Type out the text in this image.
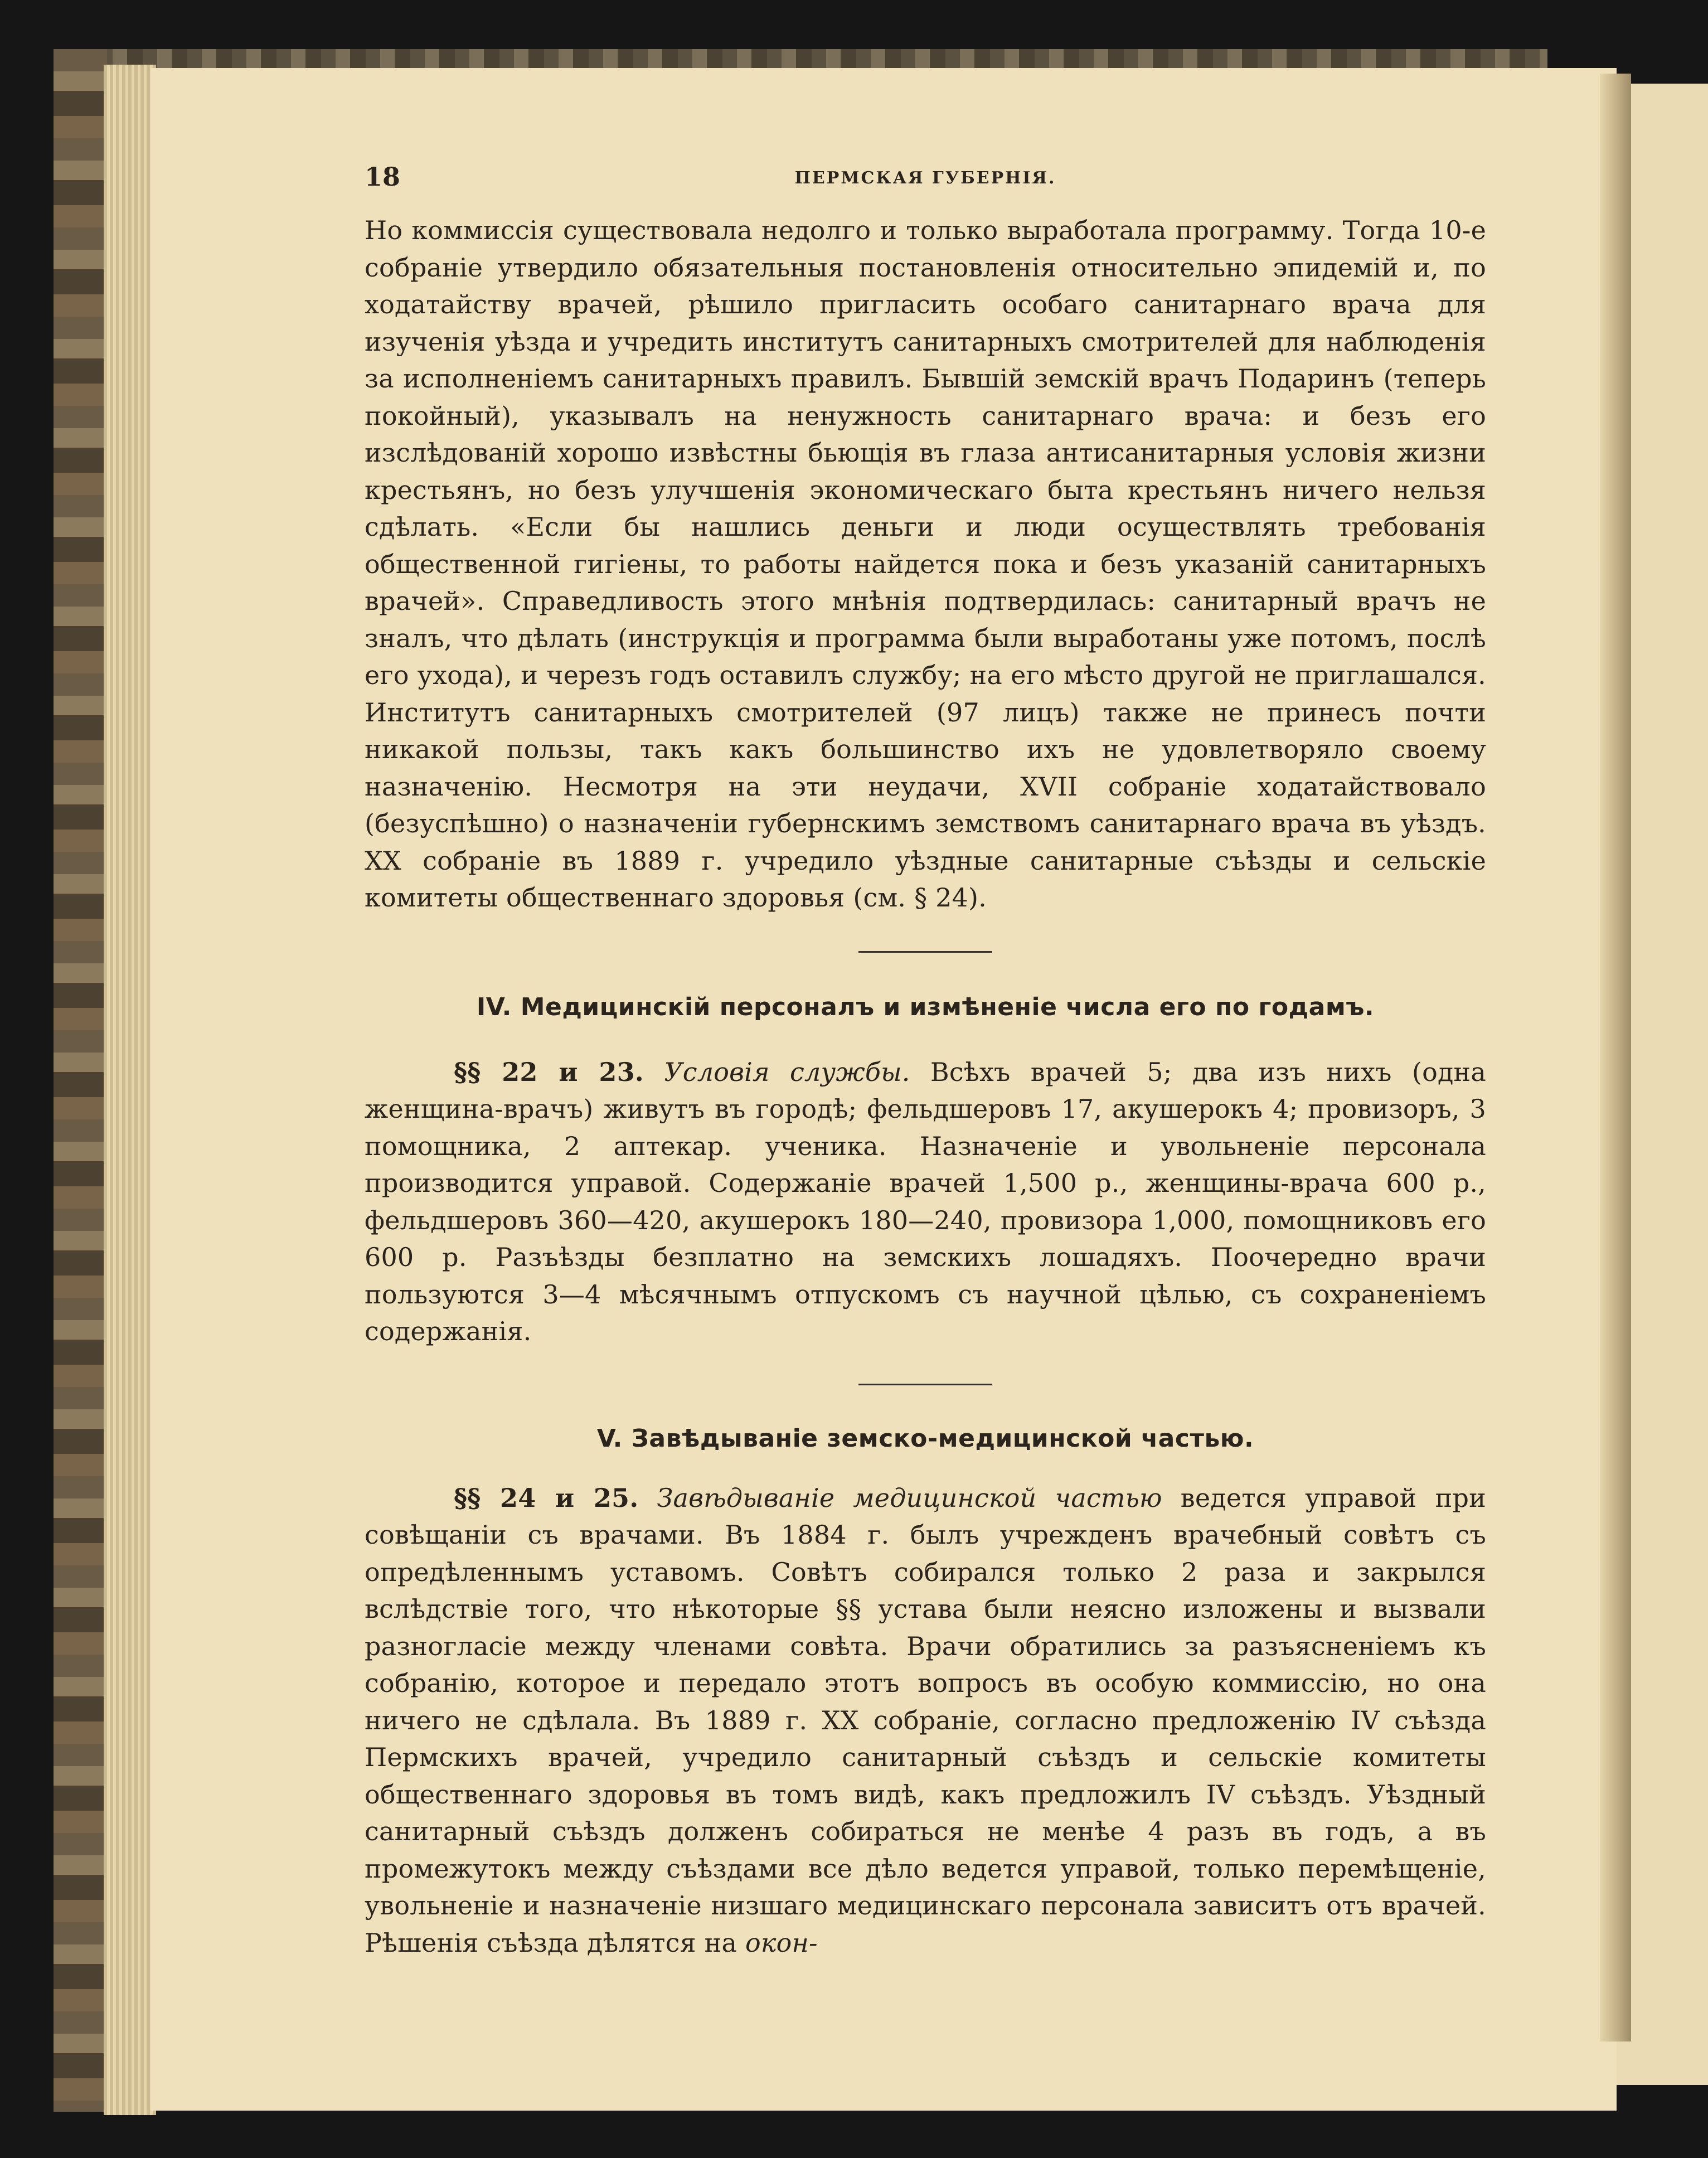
18	ПЕРМСКАЯ ГУБЕРНІЯ.

Но коммиссія существовала недолго и только выработала программу. Тогда 10-е собраніе утвердило обязательныя постановленія относительно эпидемій и, по ходатайству врачей, рѣшило пригласить особаго санитарнаго врача для изученія уѣзда и учредить институтъ санитарныхъ смотрителей для наблюденія за исполненіемъ санитарныхъ правилъ. Бывшій земскій врачъ Подаринъ (теперь покойный), указывалъ на ненужность санитарнаго врача: и безъ его изслѣдованій хорошо извѣстны бьющія въ глаза антисанитарныя условія жизни крестьянъ, но безъ улучшенія экономическаго быта крестьянъ ничего нельзя сдѣлать. «Если бы нашлись деньги и люди осуществлять требованія общественной гигіены, то работы найдется пока и безъ указаній санитарныхъ врачей». Справедливость этого мнѣнія подтвердилась: санитарный врачъ не зналъ, что дѣлать (инструкція и программа были выработаны уже потомъ, послѣ его ухода), и черезъ годъ оставилъ службу; на его мѣсто другой не приглашался. Институтъ санитарныхъ смотрителей (97 лицъ) также не принесъ почти никакой пользы, такъ какъ большинство ихъ не удовлетворяло своему назначенію. Несмотря на эти неудачи, XVII собраніе ходатайствовало (безуспѣшно) о назначеніи губернскимъ земствомъ санитарнаго врача въ уѣздъ. XX собраніе въ 1889 г. учредило уѣздные санитарные съѣзды и сельскіе комитеты общественнаго здоровья (см. § 24).

IV. Медицинскій персоналъ и измѣненіе числа его по годамъ.

§§ 22 и 23. Условія службы. Всѣхъ врачей 5; два изъ нихъ (одна женщина-врачъ) живутъ въ городѣ; фельдшеровъ 17, акушерокъ 4; провизоръ, 3 помощника, 2 аптекар. ученика. Назначеніе и увольненіе персонала производится управой. Содержаніе врачей 1,500 р., женщины-врача 600 р., фельдшеровъ 360—420, акушерокъ 180—240, провизора 1,000, помощниковъ его 600 р. Разъѣзды безплатно на земскихъ лошадяхъ. Поочередно врачи пользуются 3—4 мѣсячнымъ отпускомъ съ научной цѣлью, съ сохраненіемъ содержанія.

V. Завѣдываніе земско-медицинской частью.

§§ 24 и 25. Завѣдываніе медицинской частью ведется управой при совѣщаніи съ врачами. Въ 1884 г. былъ учрежденъ врачебный совѣтъ съ опредѣленнымъ уставомъ. Совѣтъ собирался только 2 раза и закрылся вслѣдствіе того, что нѣкоторые §§ устава были неясно изложены и вызвали разногласіе между членами совѣта. Врачи обратились за разъясненіемъ къ собранію, которое и передало этотъ вопросъ въ особую коммиссію, но она ничего не сдѣлала. Въ 1889 г. XX собраніе, согласно предложенію IV съѣзда Пермскихъ врачей, учредило санитарный съѣздъ и сельскіе комитеты общественнаго здоровья въ томъ видѣ, какъ предложилъ IV съѣздъ. Уѣздный санитарный съѣздъ долженъ собираться не менѣе 4 разъ въ годъ, а въ промежутокъ между съѣздами все дѣло ведется управой, только перемѣщеніе, увольненіе и назначеніе низшаго медицинскаго персонала зависитъ отъ врачей. Рѣшенія съѣзда дѣлятся на окон-
